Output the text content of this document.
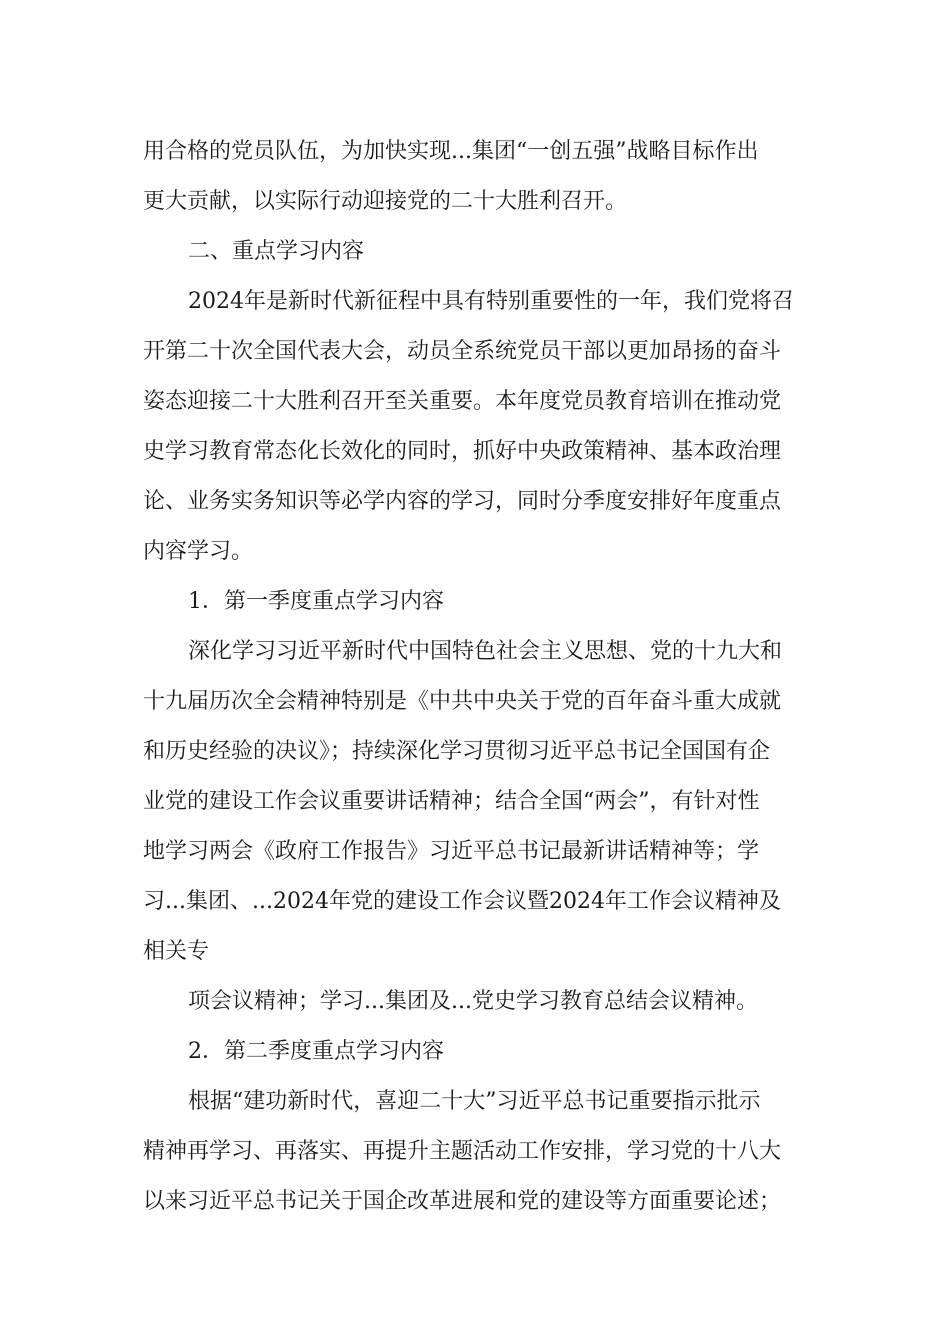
用合格的党员队伍，为加快实现...集团“一创五强”战略目标作出
更大贡献，以实际行动迎接党的二十大胜利召开。
二、重点学习内容
2024年是新时代新征程中具有特别重要性的一年，我们党将召
开第二十次全国代表大会，动员全系统党员干部以更加昂扬的奋斗
姿态迎接二十大胜利召开至关重要。本年度党员教育培训在推动党
史学习教育常态化长效化的同时，抓好中央政策精神、基本政治理
论、业务实务知识等必学内容的学习，同时分季度安排好年度重点
内容学习。
1．第一季度重点学习内容
深化学习习近平新时代中国特色社会主义思想、党的十九大和
十九届历次全会精神特别是《中共中央关于党的百年奋斗重大成就
和历史经验的决议》；持续深化学习贯彻习近平总书记全国国有企
业党的建设工作会议重要讲话精神；结合全国“两会”，有针对性
地学习两会《政府工作报告》习近平总书记最新讲话精神等；学
习...集团、...2024年党的建设工作会议暨2024年工作会议精神及
相关专
项会议精神；学习...集团及...党史学习教育总结会议精神。
2．第二季度重点学习内容
根据“建功新时代，喜迎二十大”习近平总书记重要指示批示
精神再学习、再落实、再提升主题活动工作安排，学习党的十八大
以来习近平总书记关于国企改革进展和党的建设等方面重要论述；
